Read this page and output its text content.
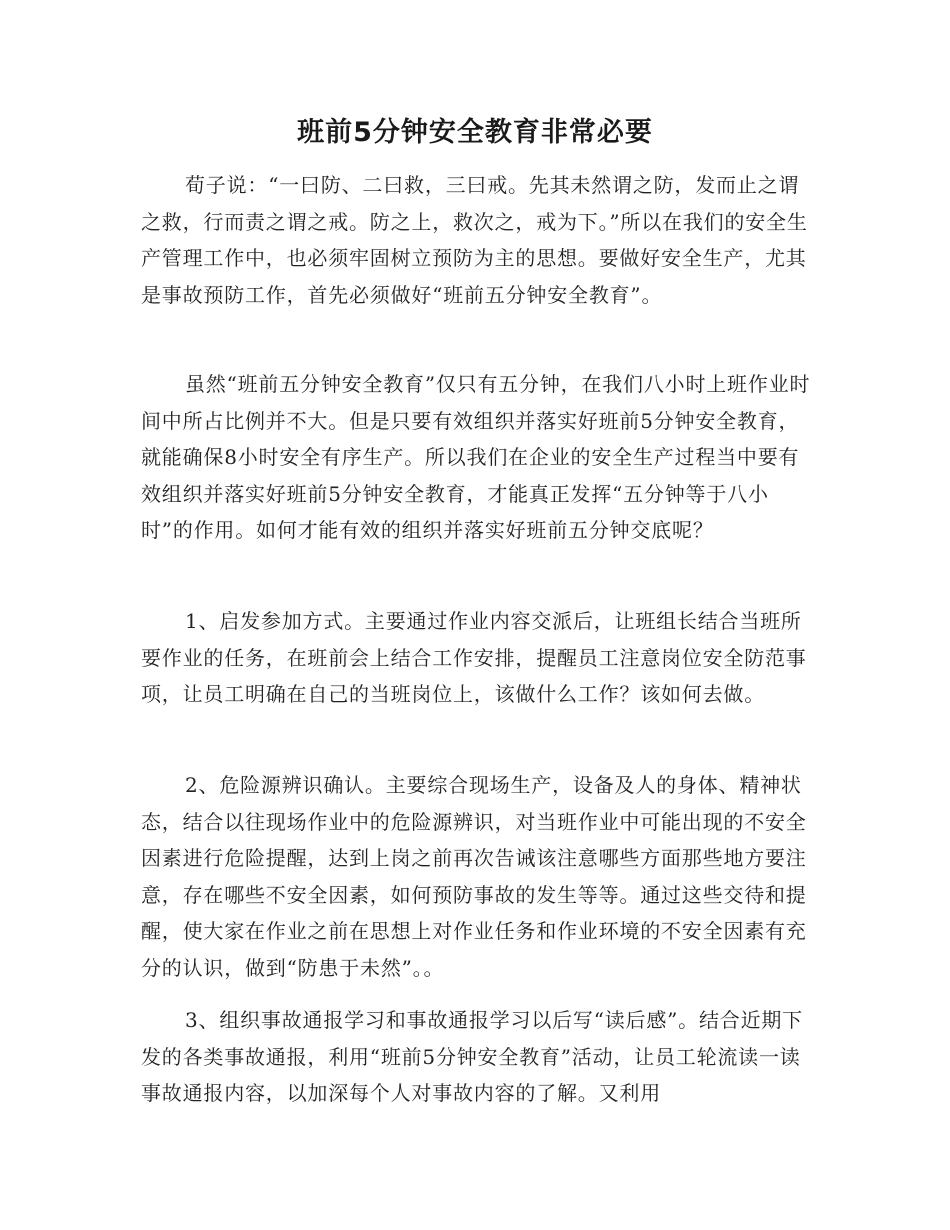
班前5分钟安全教育非常必要

荀子说：“一曰防、二曰救，三曰戒。先其未然谓之防，发而止之谓之救，行而责之谓之戒。防之上，救次之，戒为下。”所以在我们的安全生产管理工作中，也必须牢固树立预防为主的思想。要做好安全生产，尤其是事故预防工作，首先必须做好“班前五分钟安全教育”。

虽然“班前五分钟安全教育”仅只有五分钟，在我们八小时上班作业时间中所占比例并不大。但是只要有效组织并落实好班前5分钟安全教育，就能确保8小时安全有序生产。所以我们在企业的安全生产过程当中要有效组织并落实好班前5分钟安全教育，才能真正发挥“五分钟等于八小时”的作用。如何才能有效的组织并落实好班前五分钟交底呢？

1、启发参加方式。主要通过作业内容交派后，让班组长结合当班所要作业的任务，在班前会上结合工作安排，提醒员工注意岗位安全防范事项，让员工明确在自己的当班岗位上，该做什么工作？该如何去做。

2、危险源辨识确认。主要综合现场生产，设备及人的身体、精神状态，结合以往现场作业中的危险源辨识，对当班作业中可能出现的不安全因素进行危险提醒，达到上岗之前再次告诫该注意哪些方面那些地方要注意，存在哪些不安全因素，如何预防事故的发生等等。通过这些交待和提醒，使大家在作业之前在思想上对作业任务和作业环境的不安全因素有充分的认识，做到“防患于未然”。。

3、组织事故通报学习和事故通报学习以后写“读后感”。结合近期下发的各类事故通报，利用“班前5分钟安全教育”活动，让员工轮流读一读事故通报内容，以加深每个人对事故内容的了解。又利用
